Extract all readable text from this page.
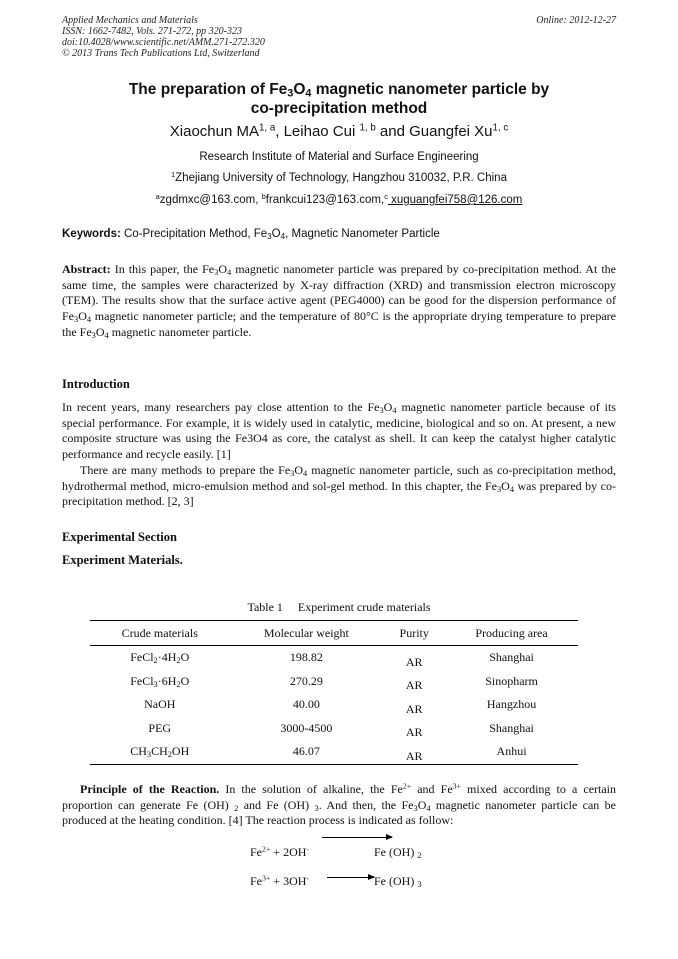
Applied Mechanics and Materials
ISSN: 1662-7482, Vols. 271-272, pp 320-323
doi:10.4028/www.scientific.net/AMM.271-272.320
© 2013 Trans Tech Publications Ltd, Switzerland
Online: 2012-12-27
The preparation of $Fe_3O_4$ magnetic nanometer particle by
co-precipitation method
Xiaochun MA$^{1, a}$, Leihao Cui $^{1, b}$ and Guangfei Xu$^{1, c}$
Research Institute of Material and Surface Engineering
$^1$Zhejiang University of Technology, Hangzhou 310032, P.R. China
$^a$zgdmxc@163.com, $^b$frankcui123@163.com,$^c$ xuguangfei758@126.com
Keywords: Co-Precipitation Method, $Fe_3O_4$, Magnetic Nanometer Particle
Abstract: In this paper, the $Fe_3O_4$ magnetic nanometer particle was prepared by co-precipitation method. At the same time, the samples were characterized by X-ray diffraction (XRD) and transmission electron microscopy (TEM). The results show that the surface active agent (PEG4000) can be good for the dispersion performance of $Fe_3O_4$ magnetic nanometer particle; and the temperature of 80°C is the appropriate drying temperature to prepare the $Fe_3O_4$ magnetic nanometer particle.
Introduction
In recent years, many researchers pay close attention to the $Fe_3O_4$ magnetic nanometer particle because of its special performance. For example, it is widely used in catalytic, medicine, biological and so on. At present, a new composite structure was using the Fe3O4 as core, the catalyst as shell. It can keep the catalyst higher catalytic performance and recycle easily. [1]
There are many methods to prepare the $Fe_3O_4$ magnetic nanometer particle, such as co-precipitation method, hydrothermal method, micro-emulsion method and sol-gel method. In this chapter, the $Fe_3O_4$ was prepared by co-precipitation method. [2, 3]
Experimental Section
Experiment Materials.
Table 1     Experiment crude materials
Crude materials	Molecular weight	Purity	Producing area
$FeCl_2\cdot 4H_2O$	198.82	AR	Shanghai
$FeCl_3\cdot 6H_2O$	270.29	AR	Sinopharm
NaOH	40.00	AR	Hangzhou
PEG	3000-4500	AR	Shanghai
$CH_3CH_2OH$	46.07	AR	Anhui
Principle of the Reaction. In the solution of alkaline, the $Fe^{2+}$ and $Fe^{3+}$ mixed according to a certain proportion can generate Fe (OH) $_2$ and Fe (OH) $_3$. And then, the $Fe_3O_4$ magnetic nanometer particle can be produced at the heating condition. [4] The reaction process is indicated as follow:
$Fe^{2+} + 2OH^-$	Fe (OH) $_2$
$Fe^{3+} + 3OH^- \to Fe$ (OH) $_3$
